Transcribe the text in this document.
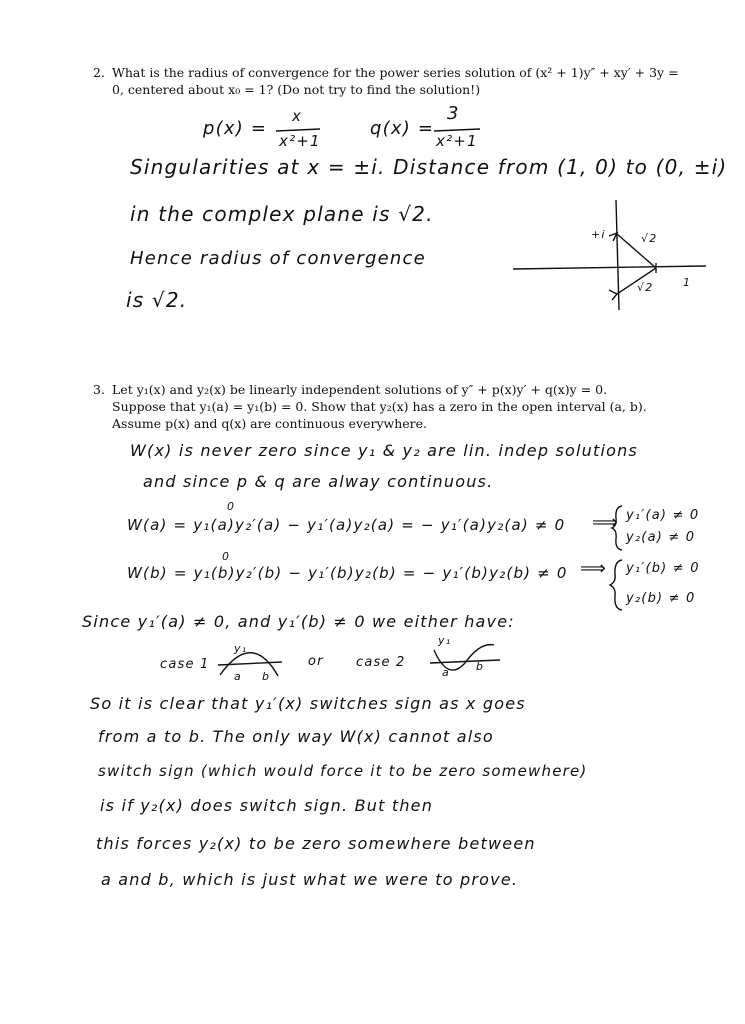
2. What is the radius of convergence for the power series solution of (x² + 1)y″ + xy′ + 3y =
0, centered about x₀ = 1? (Do not try to find the solution!)
p(x) =
x
x²+1
q(x) =
3
x²+1
Singularities at x = ±i. Distance from (1, 0) to (0, ±i)
in the complex plane is √2.
Hence radius of convergence
is √2.
+i	√2
√2	1
3. Let y₁(x) and y₂(x) be linearly independent solutions of y″ + p(x)y′ + q(x)y = 0.
Suppose that y₁(a) = y₁(b) = 0. Show that y₂(x) has a zero in the open interval (a, b).
Assume p(x) and q(x) are continuous everywhere.
W(x) is never zero since y₁ & y₂ are lin. indep solutions
and since p & q are alway continuous.
W(a) = y₁(a)y₂′(a) − y₁′(a)y₂(a) = − y₁′(a)y₂(a) ≠ 0
0
⟹ y₁′(a) ≠ 0
y₂(a) ≠ 0
W(b) = y₁(b)y₂′(b) − y₁′(b)y₂(b) = − y₁′(b)y₂(b) ≠ 0
0
⟹ y₁′(b) ≠ 0
y₂(b) ≠ 0
Since y₁′(a) ≠ 0, and y₁′(b) ≠ 0 we either have:
case 1	or case 2
y₁
a b
y₁
a b
So it is clear that y₁′(x) switches sign as x goes
from a to b. The only way W(x) cannot also
switch sign (which would force it to be zero somewhere)
is if y₂(x) does switch sign. But then
this forces y₂(x) to be zero somewhere between
a and b, which is just what we were to prove.
